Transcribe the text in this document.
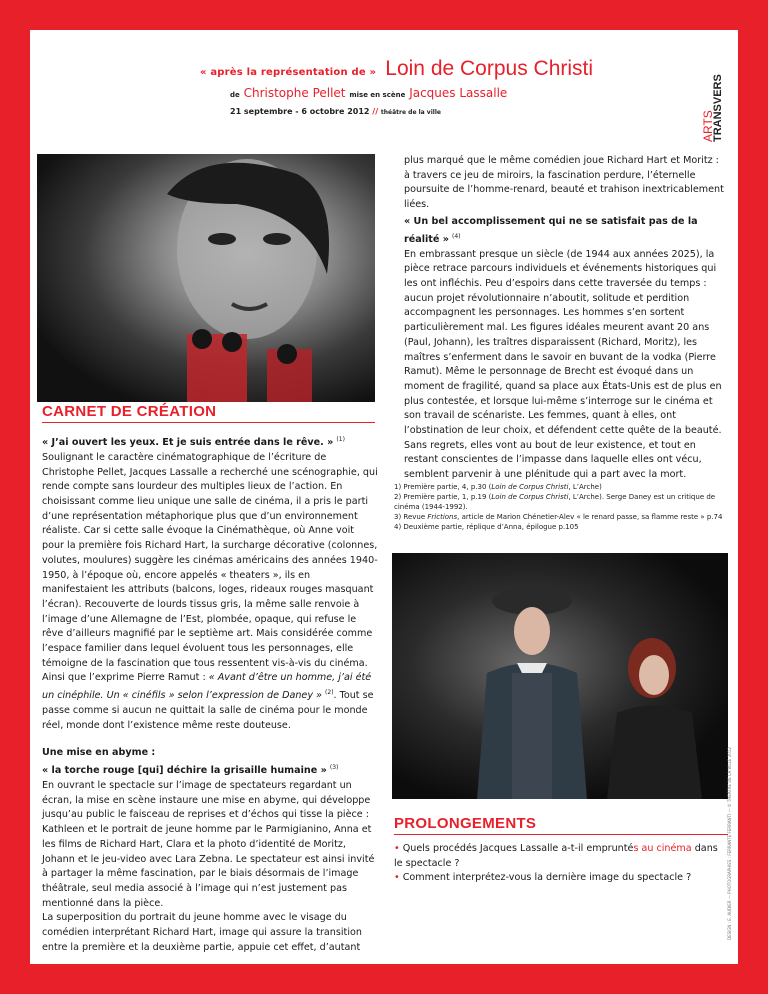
« après la représentation de » Loin de Corpus Christi
de Christophe Pellet mise en scène Jacques Lassalle
21 septembre - 6 octobre 2012 // théâtre de la ville	ARTS
TRANSVERS

plus marqué que le même comédien joue Richard Hart et Moritz : à travers ce jeu de miroirs, la fascination perdure, l’éternelle poursuite de l’homme-renard, beauté et trahison inextricablement liées.

« Un bel accomplissement qui ne se satisfait pas de la réalité » $^{(4)}$

En embrassant presque un siècle (de 1944 aux années 2025), la pièce retrace parcours individuels et événements historiques qui les ont infléchis. Peu d’espoirs dans cette traversée du temps : aucun projet révolutionnaire n’aboutit, solitude et perdition accompagnent les personnages. Les hommes s’en sortent particulièrement mal. Les figures idéales meurent avant 20 ans (Paul, Johann), les traîtres disparaissent (Richard, Moritz), les maîtres s’enferment dans le savoir en buvant de la vodka (Pierre Ramut). Même le personnage de Brecht est évoqué dans un moment de fragilité, quand sa place aux États-Unis est de plus en plus contestée, et lorsque lui-même s’interroge sur le cinéma et son travail de scénariste. Les femmes, quant à elles, ont l’obstination de leur choix, et défendent cette quête de la beauté. Sans regrets, elles vont au bout de leur existence, et tout en restant conscientes de l’impasse dans laquelle elles ont vécu, semblent parvenir à une plénitude qui a part avec la mort.

CARNET DE CRÉATION

« J’ai ouvert les yeux. Et je suis entrée dans le rêve. » $^{(1)}$

Soulignant le caractère cinématographique de l’écriture de Christophe Pellet, Jacques Lassalle a recherché une scénographie, qui rende compte sans lourdeur des multiples lieux de l’action. En choisissant comme lieu unique une salle de cinéma, il a pris le parti d’une représentation métaphorique plus que d’un environnement réaliste. Car si cette salle évoque la Cinémathèque, où Anne voit pour la première fois Richard Hart, la surcharge décorative (colonnes, volutes, moulures) suggère les cinémas américains des années 1940-1950, à l’époque où, encore appelés « theaters », ils en manifestaient les attributs (balcons, loges, rideaux rouges masquant l’écran). Recouverte de lourds tissus gris, la même salle renvoie à l’image d’une Allemagne de l’Est, plombée, opaque, qui refuse le rêve d’ailleurs magnifié par le septième art. Mais considérée comme l’espace familier dans lequel évoluent tous les personnages, elle témoigne de la fascination que tous ressentent vis-à-vis du cinéma. Ainsi que l’exprime Pierre Ramut : « Avant d’être un homme, j’ai été un cinéphile. Un « cinéfils » selon l’expression de Daney » $^{(2)}$. Tout se passe comme si aucun ne quittait la salle de cinéma pour le monde réel, monde dont l’existence même reste douteuse.

Une mise en abyme :

« la torche rouge [qui] déchire la grisaille humaine » $^{(3)}$

En ouvrant le spectacle sur l’image de spectateurs regardant un écran, la mise en scène instaure une mise en abyme, qui développe jusqu’au public le faisceau de reprises et d’échos qui tisse la pièce : Kathleen et le portrait de jeune homme par le Parmigianino, Anna et les films de Richard Hart, Clara et la photo d’identité de Moritz, Johann et le jeu-video avec Lara Zebna. Le spectateur est ainsi invité à partager la même fascination, par le biais désormais de l’image théâtrale, seul media associé à l’image qui n’est justement pas mentionné dans la pièce.

La superposition du portrait du jeune homme avec le visage du comédien interprétant Richard Hart, image qui assure la transition entre la première et la deuxième partie, appuie cet effet, d’autant

1) Première partie, 4, p.30 (Loin de Corpus Christi, L’Arche)

2) Première partie, 1, p.19 (Loin de Corpus Christi, L’Arche). Serge Daney est un critique de cinéma (1944-1992).

3) Revue Frictions, article de Marion Chénetier-Alev « le renard passe, sa flamme reste » p.74

4) Deuxième partie, réplique d’Anna, épilogue p.105

PROLONGEMENTS

• Quels procédés Jacques Lassalle a-t-il empruntés au cinéma dans le spectacle ?

• Comment interprétez-vous la dernière image du spectacle ?	DESIGN : E. AUDIER — PHOTOGRAPHIES : FERRANTE FERRANTI — © THÉÂTRE DE LA VILLE 2012
